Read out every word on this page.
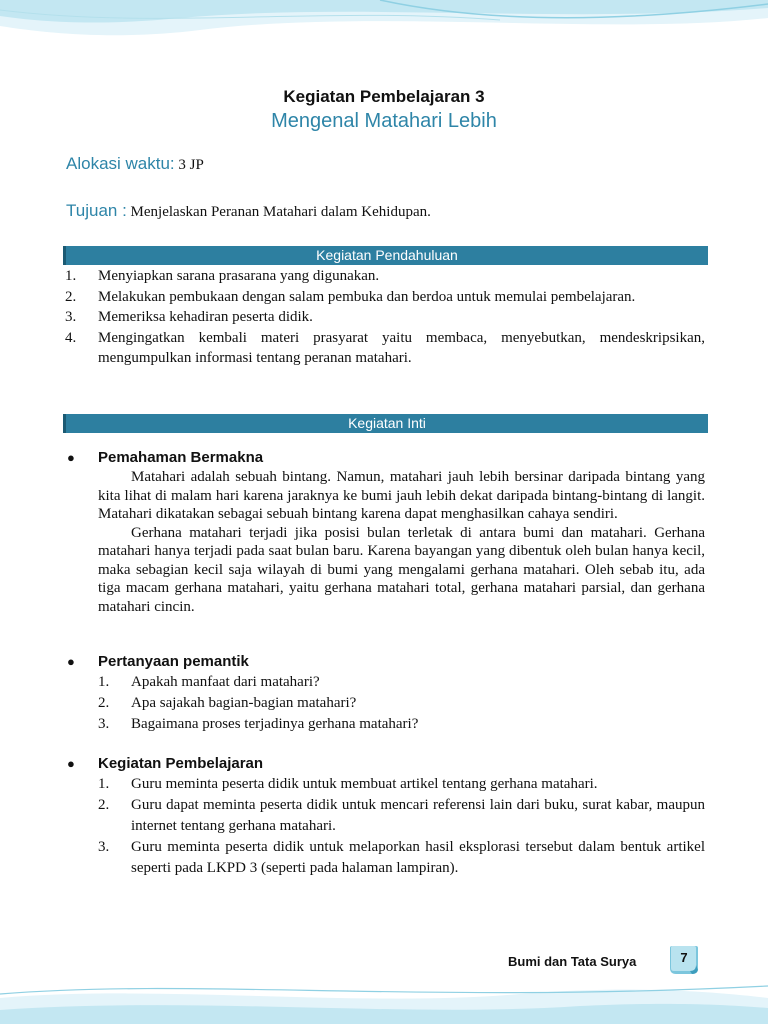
Kegiatan Pembelajaran 3
Mengenal Matahari Lebih
Alokasi waktu: 3 JP
Tujuan : Menjelaskan Peranan Matahari dalam Kehidupan.
Kegiatan Pendahuluan
1. Menyiapkan sarana prasarana yang digunakan.
2. Melakukan pembukaan dengan salam pembuka dan berdoa untuk memulai pembelajaran.
3. Memeriksa kehadiran peserta didik.
4. Mengingatkan kembali materi prasyarat yaitu membaca, menyebutkan, mendeskripsikan, mengumpulkan informasi tentang peranan matahari.
Kegiatan Inti
● Pemahaman Bermakna

Matahari adalah sebuah bintang. Namun, matahari jauh lebih bersinar daripada bintang yang kita lihat di malam hari karena jaraknya ke bumi jauh lebih dekat daripada bintang-bintang di langit. Matahari dikatakan sebagai sebuah bintang karena dapat menghasilkan cahaya sendiri.

Gerhana matahari terjadi jika posisi bulan terletak di antara bumi dan matahari. Gerhana matahari hanya terjadi pada saat bulan baru. Karena bayangan yang dibentuk oleh bulan hanya kecil, maka sebagian kecil saja wilayah di bumi yang mengalami gerhana matahari. Oleh sebab itu, ada tiga macam gerhana matahari, yaitu gerhana matahari total, gerhana matahari parsial, dan gerhana matahari cincin.

● Pertanyaan pemantik
1. Apakah manfaat dari matahari?
2. Apa sajakah bagian-bagian matahari?
3. Bagaimana proses terjadinya gerhana matahari?
● Kegiatan Pembelajaran
1. Guru meminta peserta didik untuk membuat artikel tentang gerhana matahari.
2. Guru dapat meminta peserta didik untuk mencari referensi lain dari buku, surat kabar, maupun internet tentang gerhana matahari.
3. Guru meminta peserta didik untuk melaporkan hasil eksplorasi tersebut dalam bentuk artikel seperti pada LKPD 3 (seperti pada halaman lampiran).
Bumi dan Tata Surya	7
